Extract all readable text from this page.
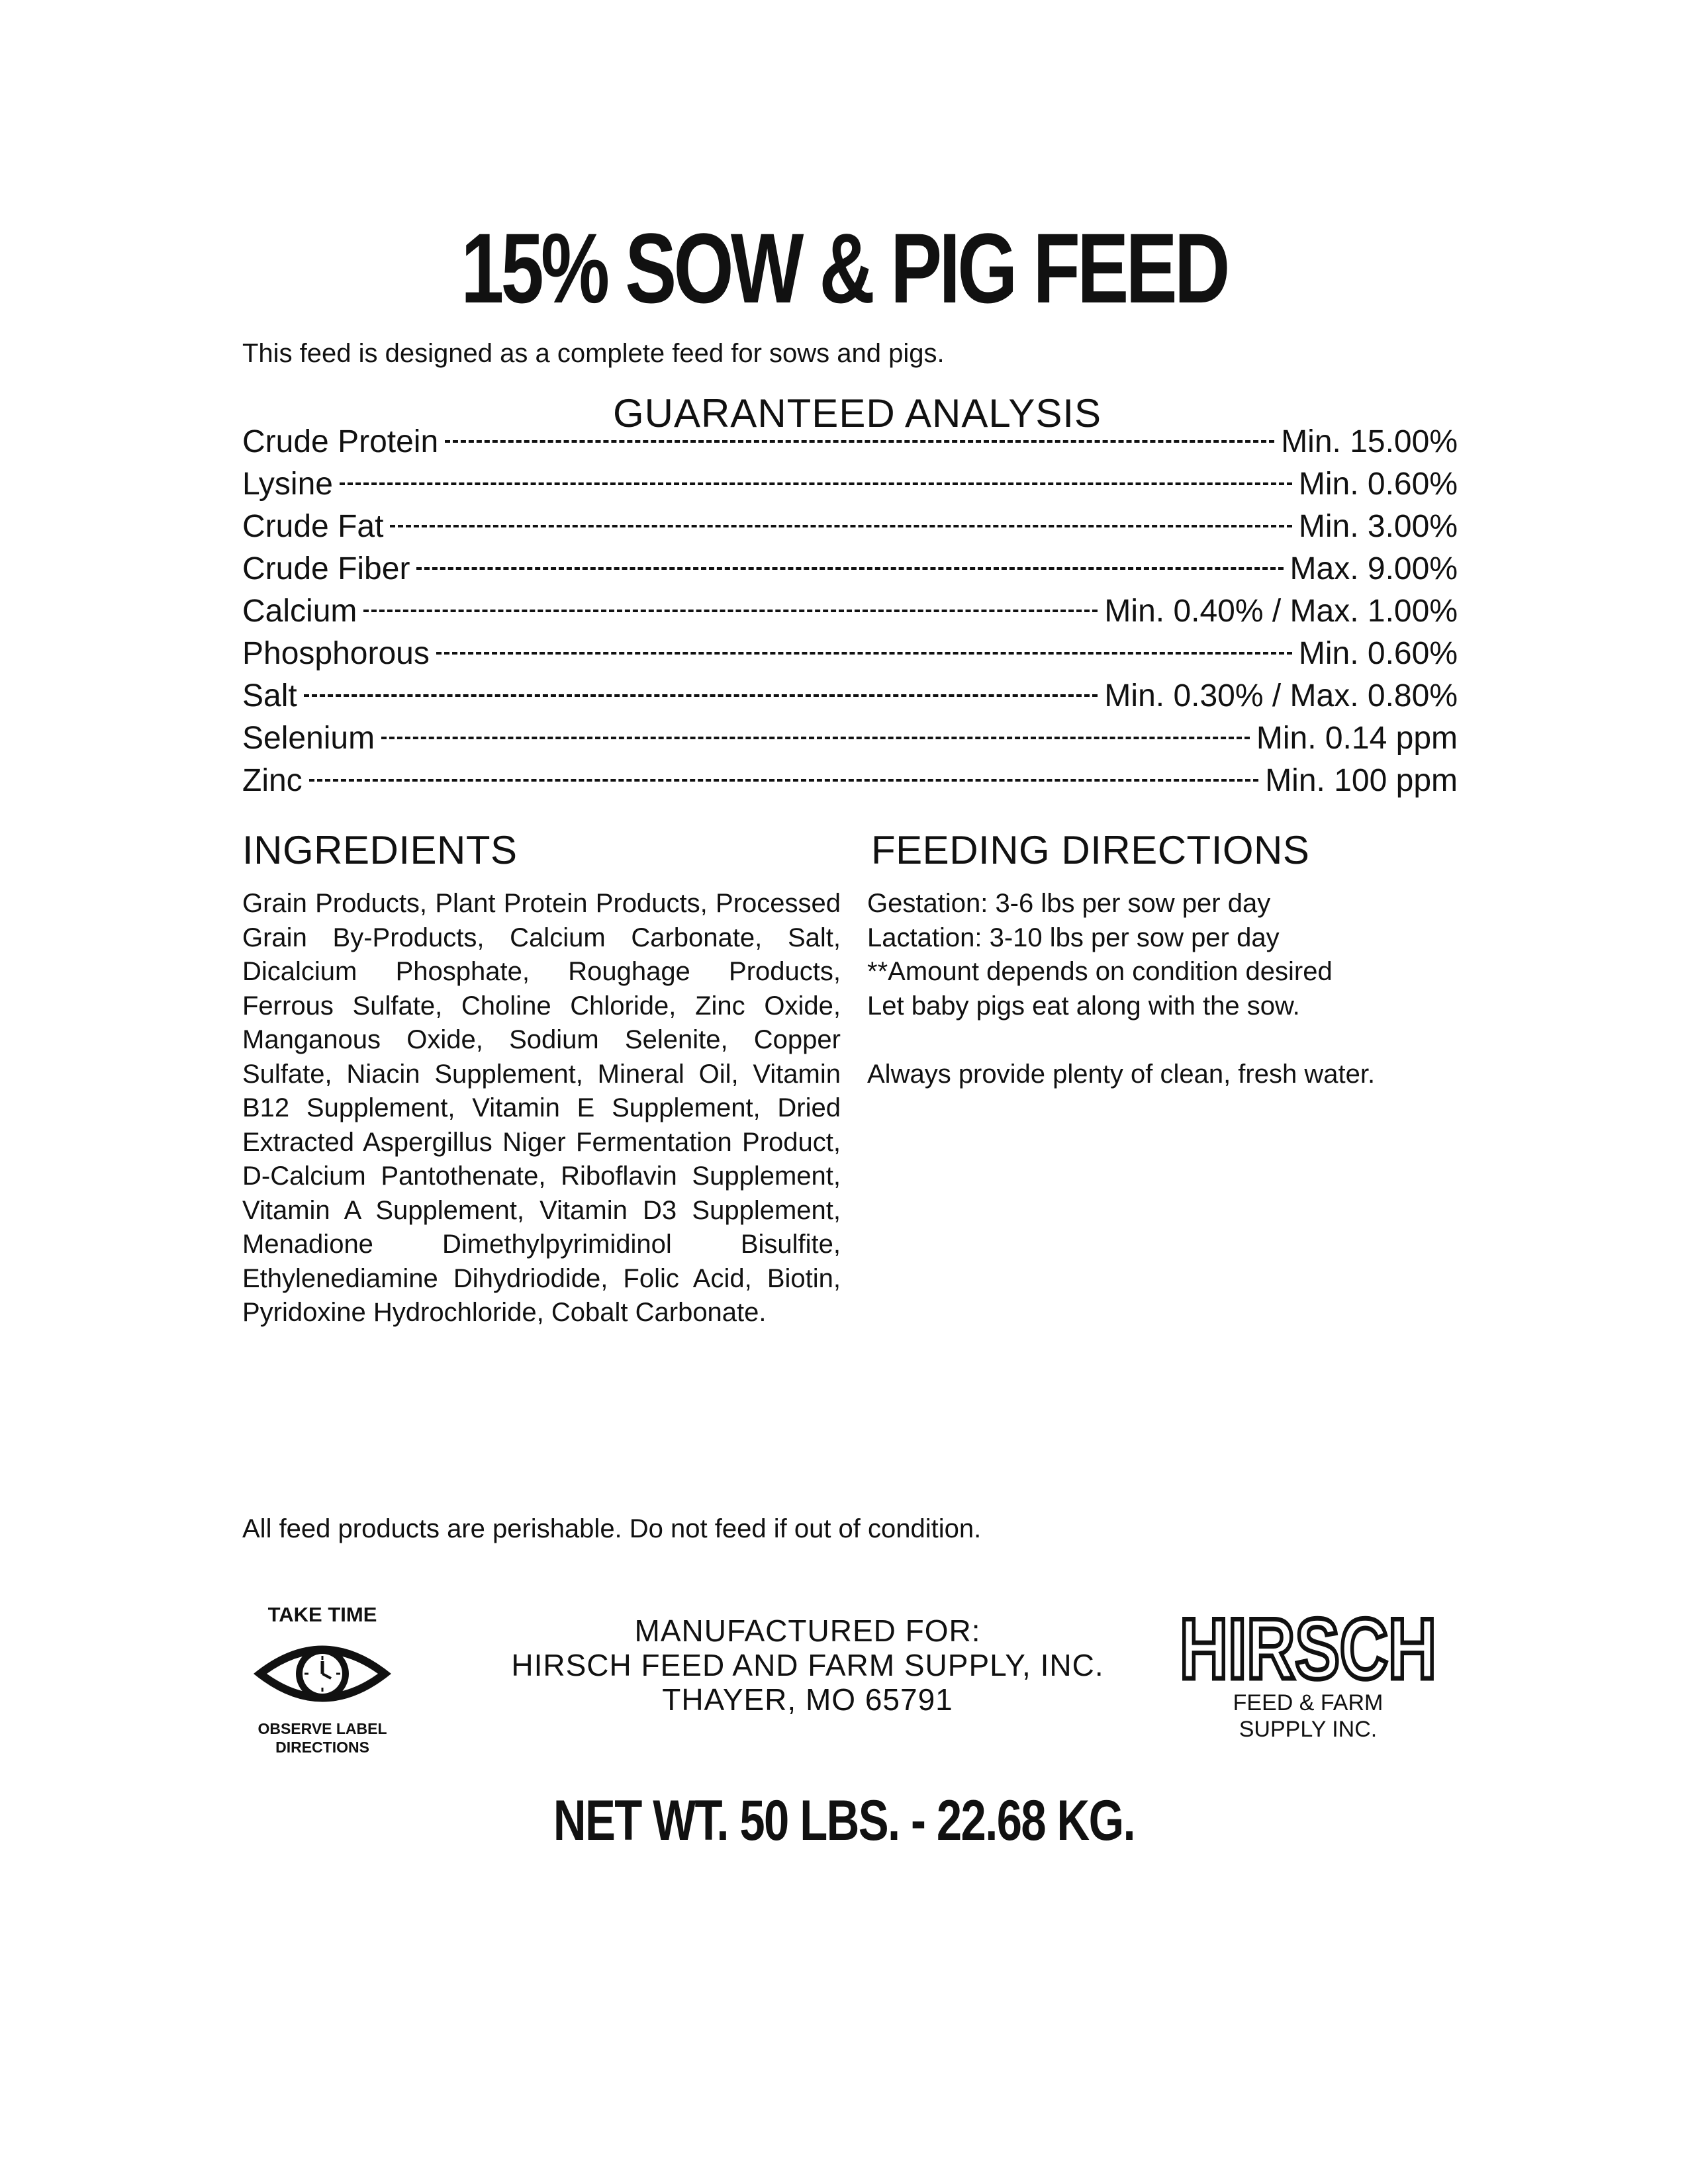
15% SOW & PIG FEED
This feed is designed as a complete feed for sows and pigs.
GUARANTEED ANALYSIS
Crude Protein	Min. 15.00%
Lysine	Min. 0.60%
Crude Fat	Min. 3.00%
Crude Fiber	Max. 9.00%
Calcium	Min. 0.40% / Max. 1.00%
Phosphorous	Min. 0.60%
Salt	Min. 0.30% / Max. 0.80%
Selenium	Min. 0.14 ppm
Zinc	Min. 100 ppm
INGREDIENTS	FEEDING DIRECTIONS
Grain Products, Plant Protein Products, Processed Grain By-Products, Calcium Carbonate, Salt, Dicalcium Phosphate, Roughage Products, Ferrous Sulfate, Choline Chloride, Zinc Oxide, Manganous Oxide, Sodium Selenite, Copper Sulfate, Niacin Supplement, Mineral Oil, Vitamin B12 Supplement, Vitamin E Supplement, Dried Extracted Aspergillus Niger Fermentation Product, D-Calcium Pantothenate, Riboflavin Supplement, Vitamin A Supplement, Vitamin D3 Supplement, Menadione Dimethylpyrimidinol Bisulfite, Ethylenediamine Dihydriodide, Folic Acid, Biotin, Pyridoxine Hydrochloride, Cobalt Carbonate.
Gestation: 3-6 lbs per sow per day
Lactation: 3-10 lbs per sow per day
**Amount depends on condition desired
Let baby pigs eat along with the sow.
Always provide plenty of clean, fresh water.
All feed products are perishable. Do not feed if out of condition.
TAKE TIME
OBSERVE LABEL
DIRECTIONS
MANUFACTURED FOR:
HIRSCH FEED AND FARM SUPPLY, INC.
THAYER, MO 65791
HIRSCH
FEED & FARM
SUPPLY INC.
NET WT. 50 LBS. - 22.68 KG.
